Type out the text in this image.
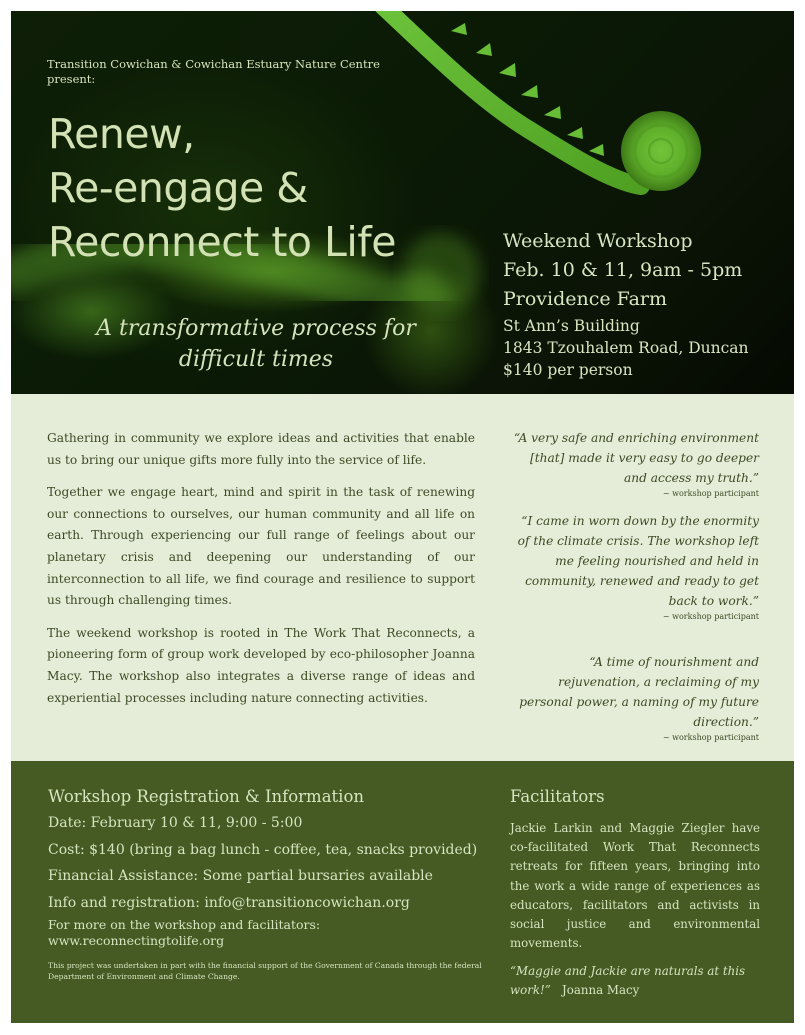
Transition Cowichan & Cowichan Estuary Nature Centre
present:
Renew,
Re-engage &
Reconnect to Life
A transformative process for
difficult times
Weekend Workshop
Feb. 10 & 11, 9am - 5pm
Providence Farm
St Ann’s Building
1843 Tzouhalem Road, Duncan
$140 per person

Gathering in community we explore ideas and activities that enable us to bring our unique gifts more fully into the service of life.

Together we engage heart, mind and spirit in the task of renewing our connections to ourselves, our human community and all life on earth. Through experiencing our full range of feelings about our planetary crisis and deepening our understanding of our interconnection to all life, we find courage and resilience to support us through challenging times.

The weekend workshop is rooted in The Work That Reconnects, a pioneering form of group work developed by eco-philosopher Joanna Macy. The workshop also integrates a diverse range of ideas and experiential processes including nature connecting activities.

“A very safe and enriching environment [that] made it very easy to go deeper and access my truth.”
~ workshop participant
“I came in worn down by the enormity of the climate crisis. The workshop left me feeling nourished and held in community, renewed and ready to get back to work.”
~ workshop participant
“A time of nourishment and rejuvenation, a reclaiming of my personal power, a naming of my future direction.”
~ workshop participant
Workshop Registration & Information
Date: February 10 & 11, 9:00 - 5:00
Cost: $140 (bring a bag lunch - coffee, tea, snacks provided)
Financial Assistance: Some partial bursaries available
Info and registration: info@transitioncowichan.org
For more on the workshop and facilitators:
www.reconnectingtolife.org
This project was undertaken in part with the financial support of the Government of Canada through the federal Department of Environment and Climate Change.
Facilitators
Jackie Larkin and Maggie Ziegler have co-facilitated Work That Reconnects retreats for fifteen years, bringing into the work a wide range of experiences as educators, facilitators and activists in social justice and environmental movements.
“Maggie and Jackie are naturals at this work!” Joanna Macy
